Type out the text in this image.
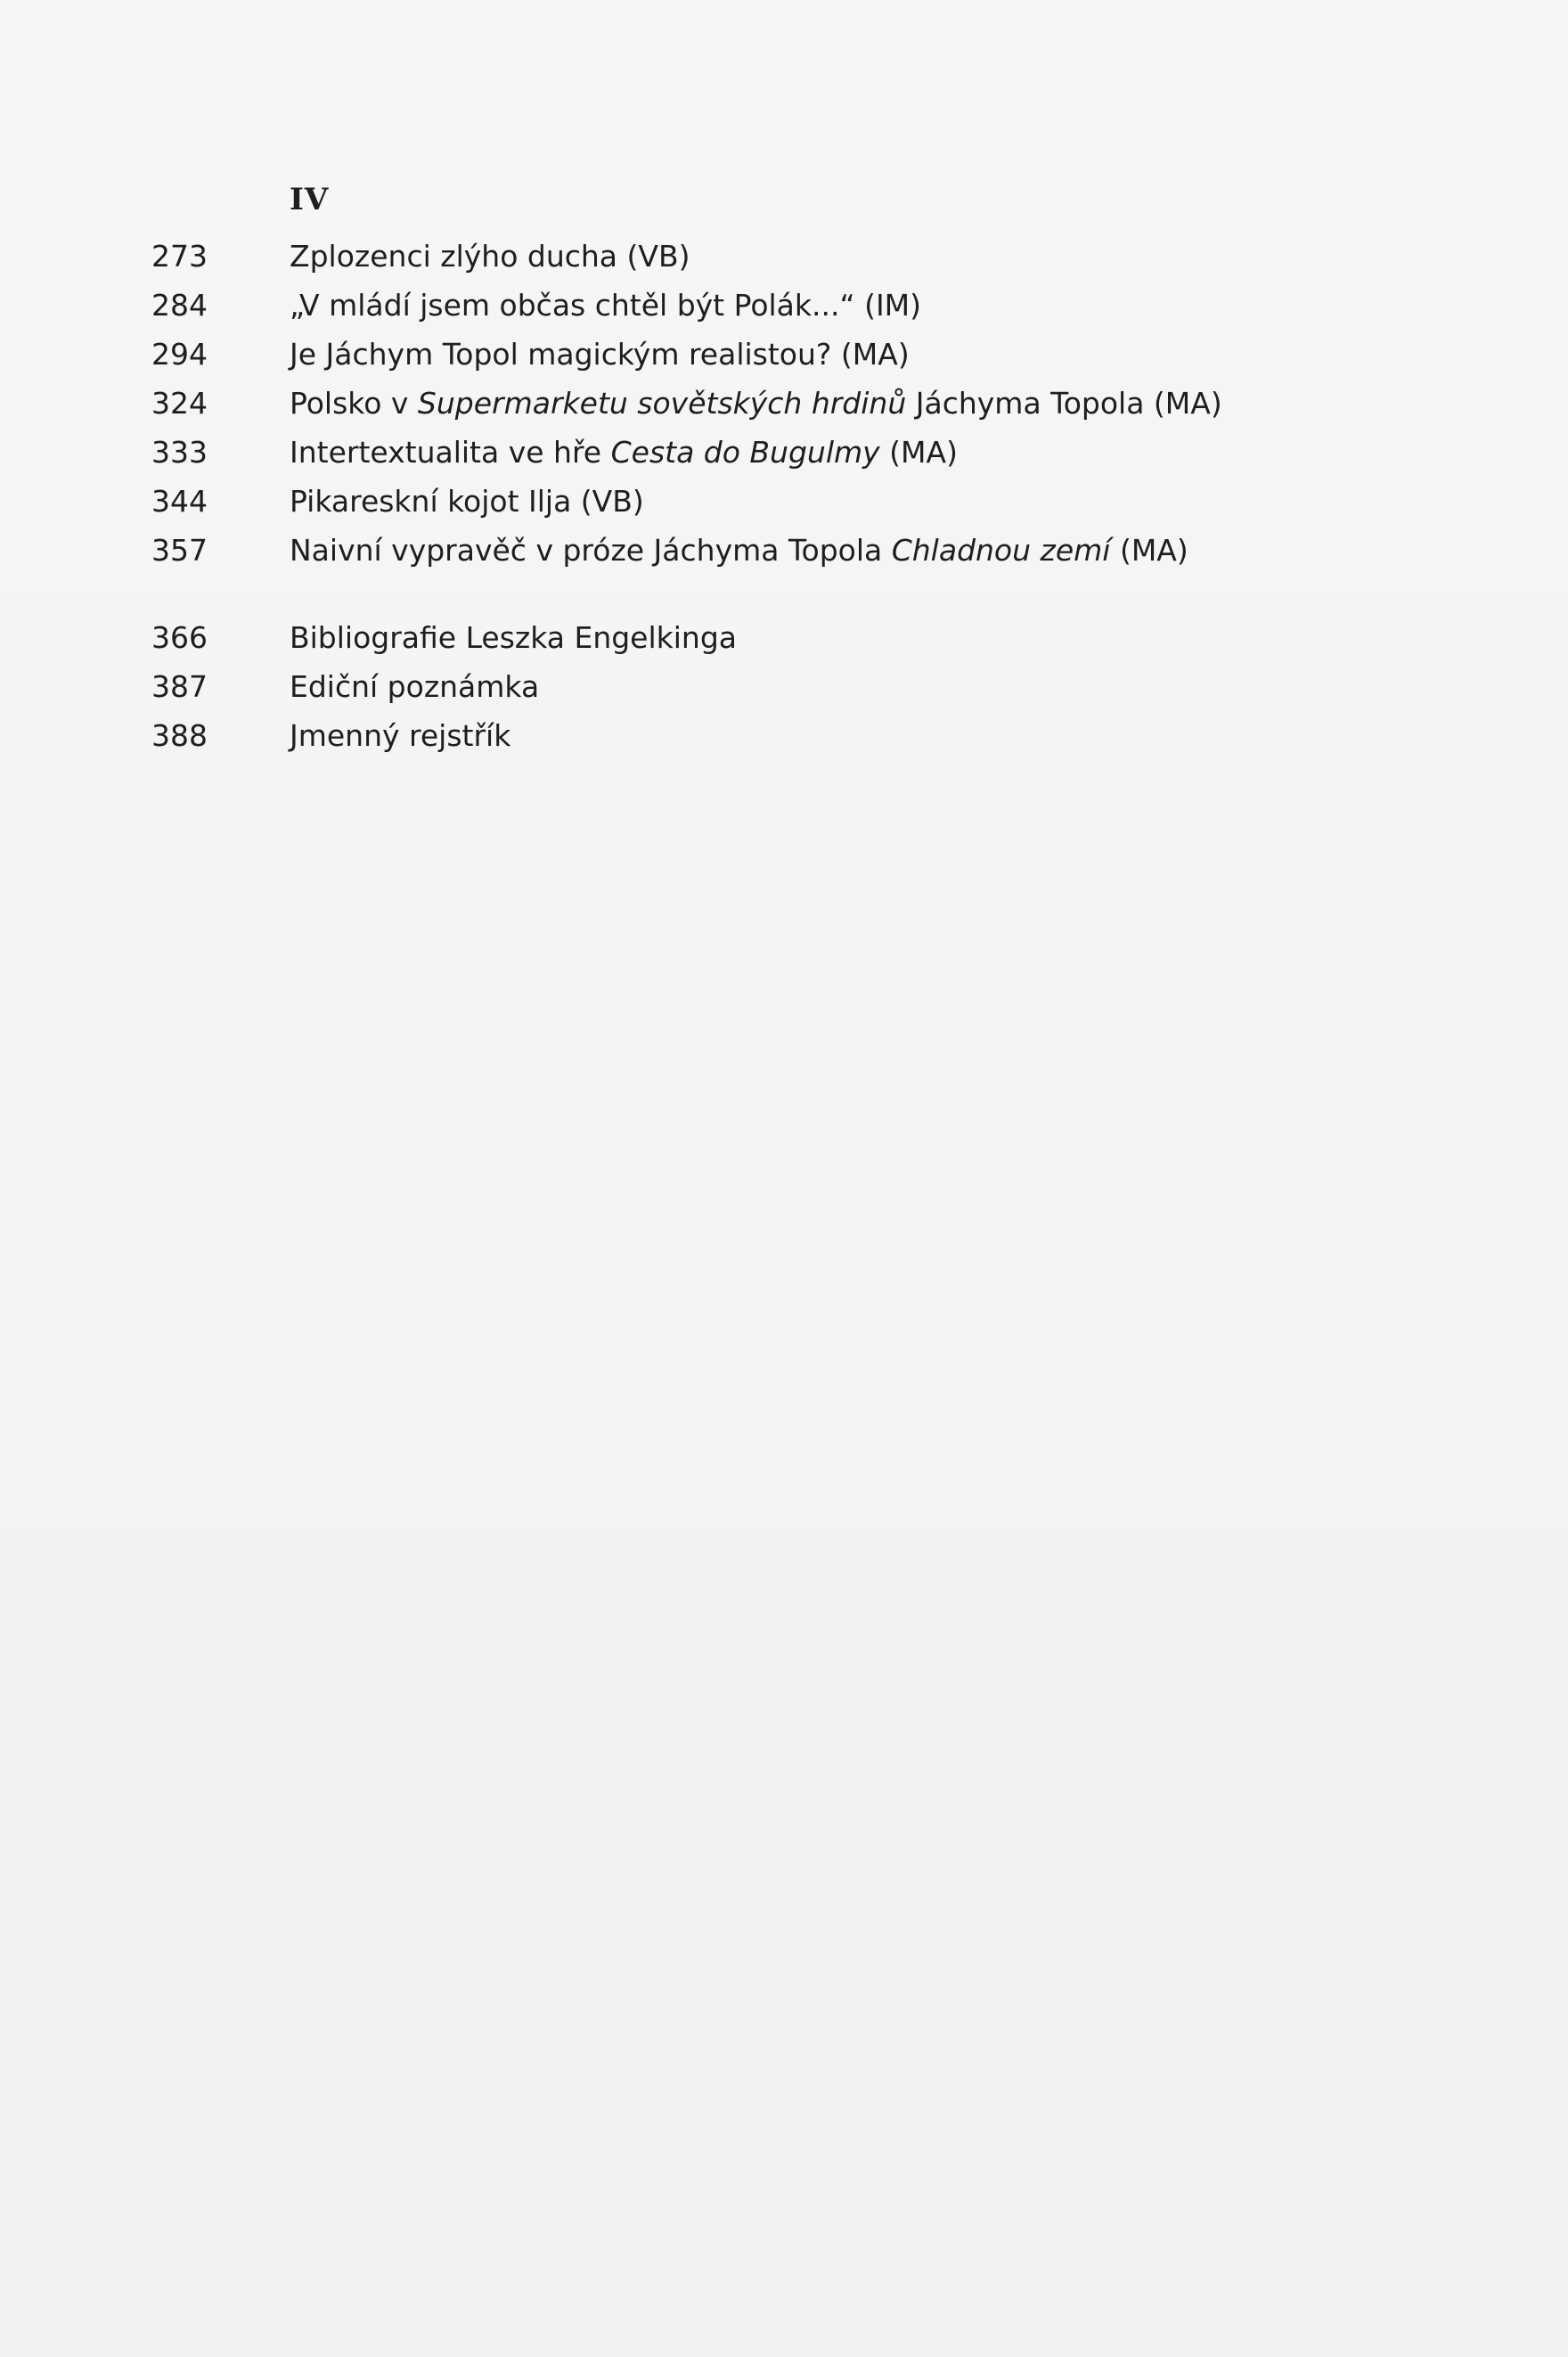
IV
273	Zplozenci zlýho ducha (VB)
284	„V mládí jsem občas chtěl být Polák...“ (IM)
294	Je Jáchym Topol magickým realistou? (MA)
324	Polsko v Supermarketu sovětských hrdinů Jáchyma Topola (MA)
333	Intertextualita ve hře Cesta do Bugulmy (MA)
344	Pikareskní kojot Ilja (VB)
357	Naivní vypravěč v próze Jáchyma Topola Chladnou zemí (MA)
366	Bibliografie Leszka Engelkinga
387	Ediční poznámka
388	Jmenný rejstřík
